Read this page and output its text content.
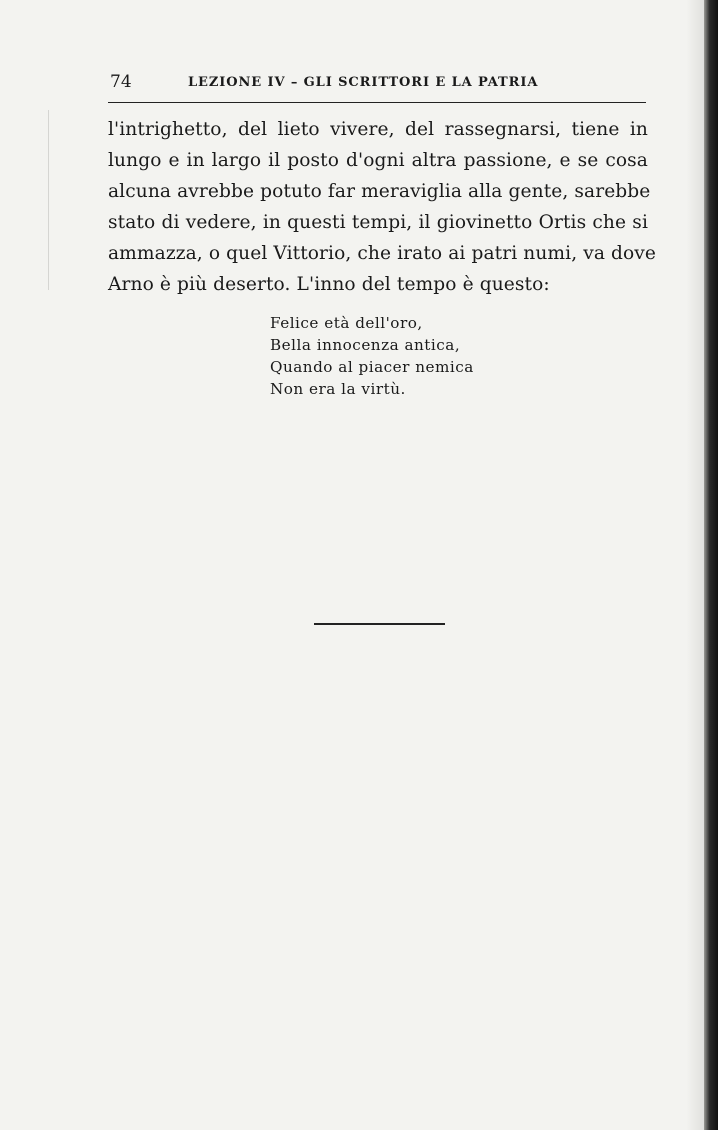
74	LEZIONE IV – GLI SCRITTORI E LA PATRIA
l'intrighetto, del lieto vivere, del rassegnarsi, tiene in
lungo e in largo il posto d'ogni altra passione, e se cosa
alcuna avrebbe potuto far meraviglia alla gente, sarebbe
stato di vedere, in questi tempi, il giovinetto Ortis che si
ammazza, o quel Vittorio, che irato ai patri numi, va dove
Arno è più deserto. L'inno del tempo è questo:
Felice età dell'oro,
Bella innocenza antica,
Quando al piacer nemica
Non era la virtù.
